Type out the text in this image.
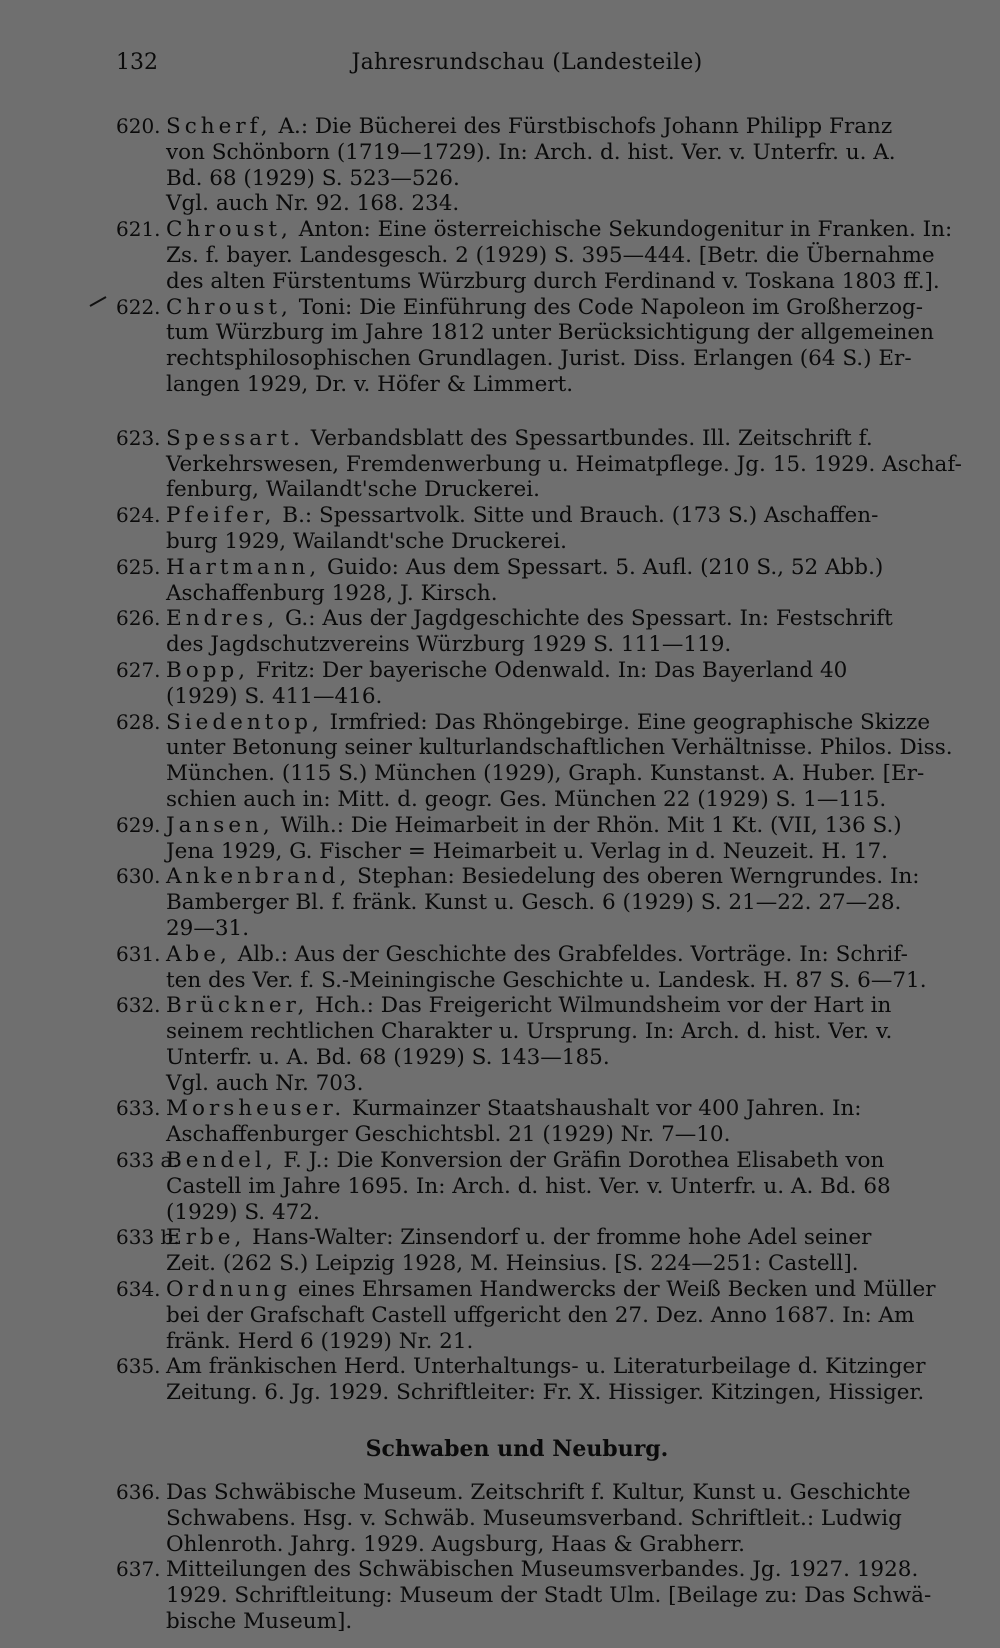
132	Jahresrundschau (Landesteile)
620. Scherf, A.: Die Bücherei des Fürstbischofs Johann Philipp Franz
von Schönborn (1719—1729). In: Arch. d. hist. Ver. v. Unterfr. u. A.
Bd. 68 (1929) S. 523—526.
Vgl. auch Nr. 92. 168. 234.
621. Chroust, Anton: Eine österreichische Sekundogenitur in Franken. In:
Zs. f. bayer. Landesgesch. 2 (1929) S. 395—444. [Betr. die Übernahme
des alten Fürstentums Würzburg durch Ferdinand v. Toskana 1803 ff.].
622. Chroust, Toni: Die Einführung des Code Napoleon im Großherzog-
tum Würzburg im Jahre 1812 unter Berücksichtigung der allgemeinen
rechtsphilosophischen Grundlagen. Jurist. Diss. Erlangen (64 S.) Er-
langen 1929, Dr. v. Höfer & Limmert.
623. Spessart. Verbandsblatt des Spessartbundes. Ill. Zeitschrift f.
Verkehrswesen, Fremdenwerbung u. Heimatpflege. Jg. 15. 1929. Aschaf-
fenburg, Wailandt'sche Druckerei.
624. Pfeifer, B.: Spessartvolk. Sitte und Brauch. (173 S.) Aschaffen-
burg 1929, Wailandt'sche Druckerei.
625. Hartmann, Guido: Aus dem Spessart. 5. Aufl. (210 S., 52 Abb.)
Aschaffenburg 1928, J. Kirsch.
626. Endres, G.: Aus der Jagdgeschichte des Spessart. In: Festschrift
des Jagdschutzvereins Würzburg 1929 S. 111—119.
627. Bopp, Fritz: Der bayerische Odenwald. In: Das Bayerland 40
(1929) S. 411—416.
628. Siedentop, Irmfried: Das Rhöngebirge. Eine geographische Skizze
unter Betonung seiner kulturlandschaftlichen Verhältnisse. Philos. Diss.
München. (115 S.) München (1929), Graph. Kunstanst. A. Huber. [Er-
schien auch in: Mitt. d. geogr. Ges. München 22 (1929) S. 1—115.
629. Jansen, Wilh.: Die Heimarbeit in der Rhön. Mit 1 Kt. (VII, 136 S.)
Jena 1929, G. Fischer = Heimarbeit u. Verlag in d. Neuzeit. H. 17.
630. Ankenbrand, Stephan: Besiedelung des oberen Werngrundes. In:
Bamberger Bl. f. fränk. Kunst u. Gesch. 6 (1929) S. 21—22. 27—28.
29—31.
631. Abe, Alb.: Aus der Geschichte des Grabfeldes. Vorträge. In: Schrif-
ten des Ver. f. S.-Meiningische Geschichte u. Landesk. H. 87 S. 6—71.
632. Brückner, Hch.: Das Freigericht Wilmundsheim vor der Hart in
seinem rechtlichen Charakter u. Ursprung. In: Arch. d. hist. Ver. v.
Unterfr. u. A. Bd. 68 (1929) S. 143—185.
Vgl. auch Nr. 703.
633. Morsheuser. Kurmainzer Staatshaushalt vor 400 Jahren. In:
Aschaffenburger Geschichtsbl. 21 (1929) Nr. 7—10.
633 a.
Bendel, F. J.: Die Konversion der Gräfin Dorothea Elisabeth von
Castell im Jahre 1695. In: Arch. d. hist. Ver. v. Unterfr. u. A. Bd. 68
(1929) S. 472.
633 b.
Erbe, Hans-Walter: Zinsendorf u. der fromme hohe Adel seiner
Zeit. (262 S.) Leipzig 1928, M. Heinsius. [S. 224—251: Castell].
634. Ordnung eines Ehrsamen Handwercks der Weiß Becken und Müller
bei der Grafschaft Castell uffgericht den 27. Dez. Anno 1687. In: Am
fränk. Herd 6 (1929) Nr. 21.
635. Am fränkischen Herd. Unterhaltungs- u. Literaturbeilage d. Kitzinger
Zeitung. 6. Jg. 1929. Schriftleiter: Fr. X. Hissiger. Kitzingen, Hissiger.
Schwaben und Neuburg.
636. Das Schwäbische Museum. Zeitschrift f. Kultur, Kunst u. Geschichte
Schwabens. Hsg. v. Schwäb. Museumsverband. Schriftleit.: Ludwig
Ohlenroth. Jahrg. 1929. Augsburg, Haas & Grabherr.
637. Mitteilungen des Schwäbischen Museumsverbandes. Jg. 1927. 1928.
1929. Schriftleitung: Museum der Stadt Ulm. [Beilage zu: Das Schwä-
bische Museum].
